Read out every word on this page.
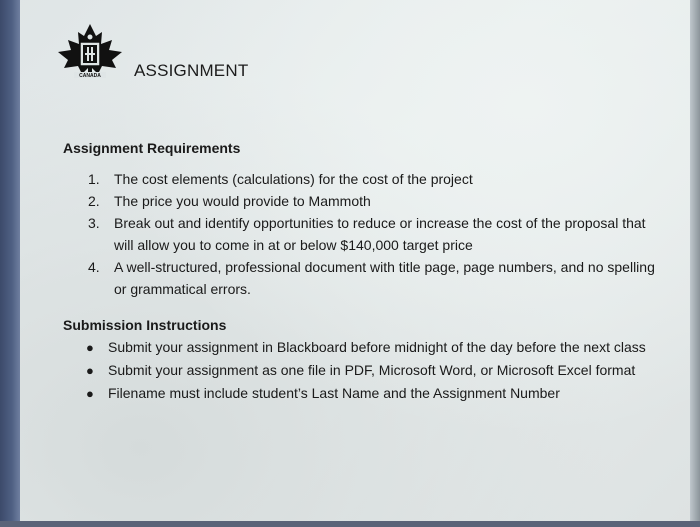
CANADA ASSIGNMENT
Assignment Requirements
1.	The cost elements (calculations) for the cost of the project
2.	The price you would provide to Mammoth
3.	Break out and identify opportunities to reduce or increase the cost of the proposal that will allow you to come in at or below $140,000 target price
4.	A well-structured, professional document with title page, page numbers, and no spelling or grammatical errors.
Submission Instructions
●	Submit your assignment in Blackboard before midnight of the day before the next class
●	Submit your assignment as one file in PDF, Microsoft Word, or Microsoft Excel format
●	Filename must include student’s Last Name and the Assignment Number
